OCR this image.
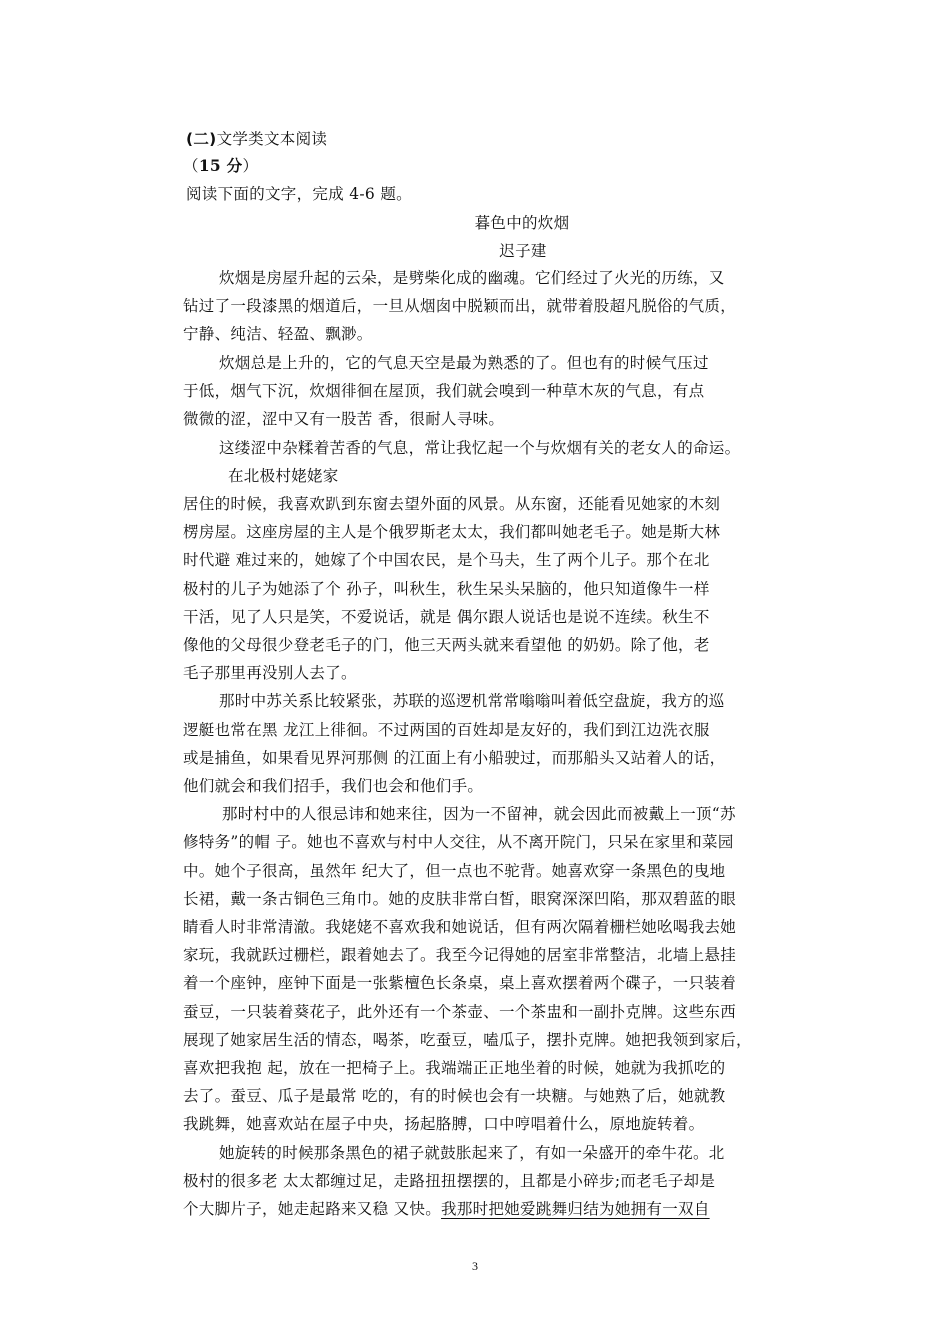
(二)文学类文本阅读
（15 分）
阅读下面的文字，完成 4-6 题。
暮色中的炊烟
迟子建
炊烟是房屋升起的云朵，是劈柴化成的幽魂。它们经过了火光的历练，又
钻过了一段漆黑的烟道后，一旦从烟囱中脱颖而出，就带着股超凡脱俗的气质，
宁静、纯洁、轻盈、飘渺。
炊烟总是上升的，它的气息天空是最为熟悉的了。但也有的时候气压过
于低，烟气下沉，炊烟徘徊在屋顶，我们就会嗅到一种草木灰的气息，有点
微微的涩，涩中又有一股苦 香，很耐人寻味。
这缕涩中杂糅着苦香的气息，常让我忆起一个与炊烟有关的老女人的命运。
在北极村姥姥家
居住的时候，我喜欢趴到东窗去望外面的风景。从东窗，还能看见她家的木刻
楞房屋。这座房屋的主人是个俄罗斯老太太，我们都叫她老毛子。她是斯大林
时代避 难过来的，她嫁了个中国农民，是个马夫，生了两个儿子。那个在北
极村的儿子为她添了个 孙子，叫秋生，秋生呆头呆脑的，他只知道像牛一样
干活，见了人只是笑，不爱说话，就是 偶尔跟人说话也是说不连续。秋生不
像他的父母很少登老毛子的门，他三天两头就来看望他 的奶奶。除了他，老
毛子那里再没别人去了。
那时中苏关系比较紧张，苏联的巡逻机常常嗡嗡叫着低空盘旋，我方的巡
逻艇也常在黑 龙江上徘徊。不过两国的百姓却是友好的，我们到江边洗衣服
或是捕鱼，如果看见界河那侧 的江面上有小船驶过，而那船头又站着人的话，
他们就会和我们招手，我们也会和他们手。
那时村中的人很忌讳和她来往，因为一不留神，就会因此而被戴上一顶“苏
修特务”的帽 子。她也不喜欢与村中人交往，从不离开院门，只呆在家里和菜园
中。她个子很高，虽然年 纪大了，但一点也不驼背。她喜欢穿一条黑色的曳地
长裙，戴一条古铜色三角巾。她的皮肤非常白皙，眼窝深深凹陷，那双碧蓝的眼
睛看人时非常清澈。我姥姥不喜欢我和她说话，但有两次隔着栅栏她吆喝我去她
家玩，我就跃过栅栏，跟着她去了。我至今记得她的居室非常整洁，北墙上悬挂
着一个座钟，座钟下面是一张紫檀色长条桌，桌上喜欢摆着两个碟子，一只装着
蚕豆，一只装着葵花子，此外还有一个茶壶、一个茶盅和一副扑克牌。这些东西
展现了她家居生活的情态，喝茶，吃蚕豆，嗑瓜子，摆扑克牌。她把我领到家后，
喜欢把我抱 起，放在一把椅子上。我端端正正地坐着的时候，她就为我抓吃的
去了。蚕豆、瓜子是最常 吃的，有的时候也会有一块糖。与她熟了后，她就教
我跳舞，她喜欢站在屋子中央，扬起胳膊，口中哼唱着什么，原地旋转着。
她旋转的时候那条黑色的裙子就鼓胀起来了，有如一朵盛开的牵牛花。北
极村的很多老 太太都缠过足，走路扭扭摆摆的，且都是小碎步;而老毛子却是
个大脚片子，她走起路来又稳 又快。我那时把她爱跳舞归结为她拥有一双自
3
